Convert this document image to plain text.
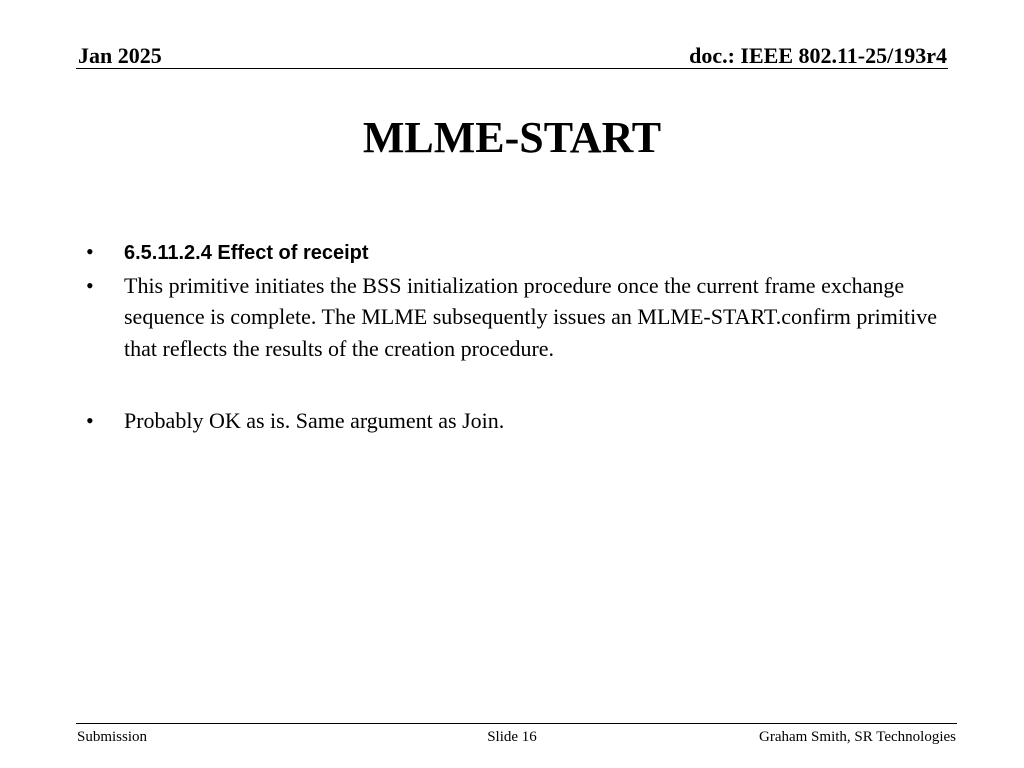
Jan 2025	doc.: IEEE 802.11-25/193r4
MLME-START
• 6.5.11.2.4 Effect of receipt
• This primitive initiates the BSS initialization procedure once the current frame exchange sequence is complete. The MLME subsequently issues an MLME-START.confirm primitive that reflects the results of the creation procedure.
• Probably OK as is. Same argument as Join.
Submission	Slide 16	Graham Smith, SR Technologies
